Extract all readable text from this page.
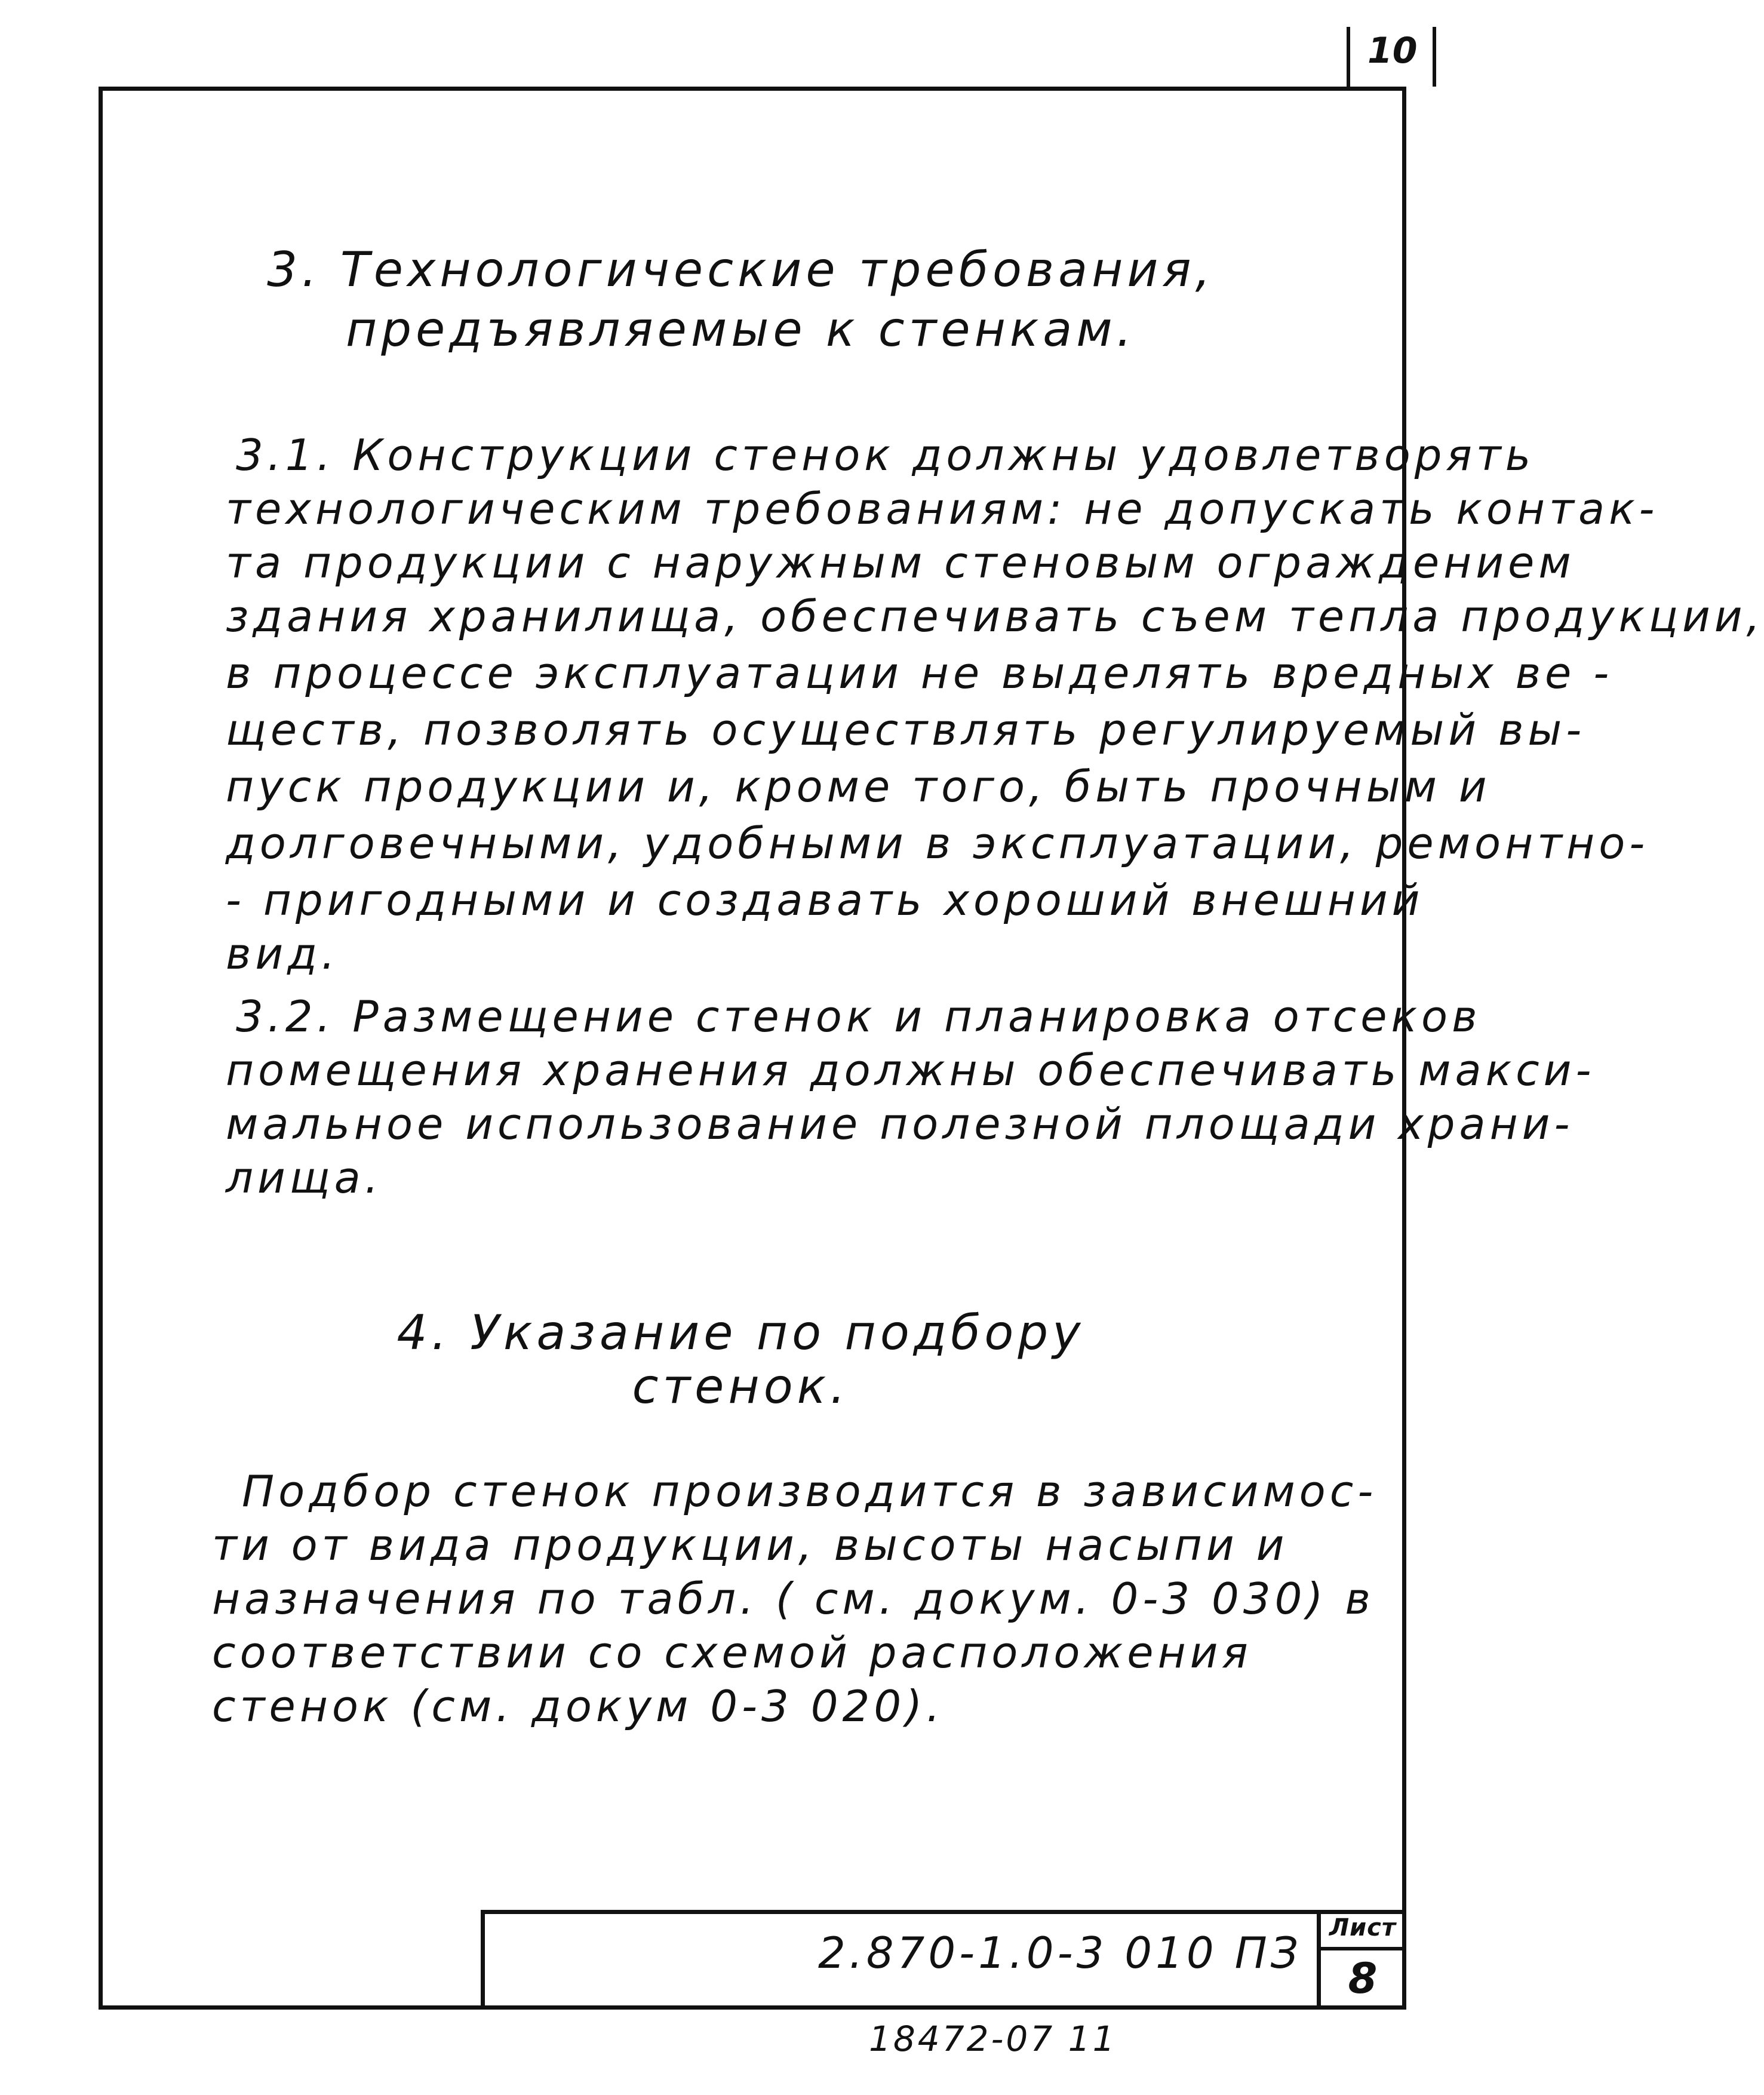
10
3. Технологические требования,
предъявляемые к стенкам.
3.1. Конструкции стенок должны удовлетворять
технологическим требованиям: не допускать контак-
та продукции с наружным стеновым ограждением
здания хранилища, обеспечивать съем тепла продукции,
в процессе эксплуатации не выделять вредных ве -
ществ, позволять осуществлять регулируемый вы-
пуск продукции и, кроме того, быть прочным и
долговечными, удобными в эксплуатации, ремонтно-
- пригодными и создавать хороший внешний
вид.
3.2. Размещение стенок и планировка отсеков
помещения хранения должны обеспечивать макси-
мальное использование полезной площади храни-
лища.
4. Указание по подбору
стенок.
Подбор стенок производится в зависимос-
ти от вида продукции, высоты насыпи и
назначения по табл. ( см. докум. 0-3 030) в
соответствии со схемой расположения
стенок (см. докум 0-3 020).
Лист
8
2.870-1.0-3 010 ПЗ
18472-07 11
